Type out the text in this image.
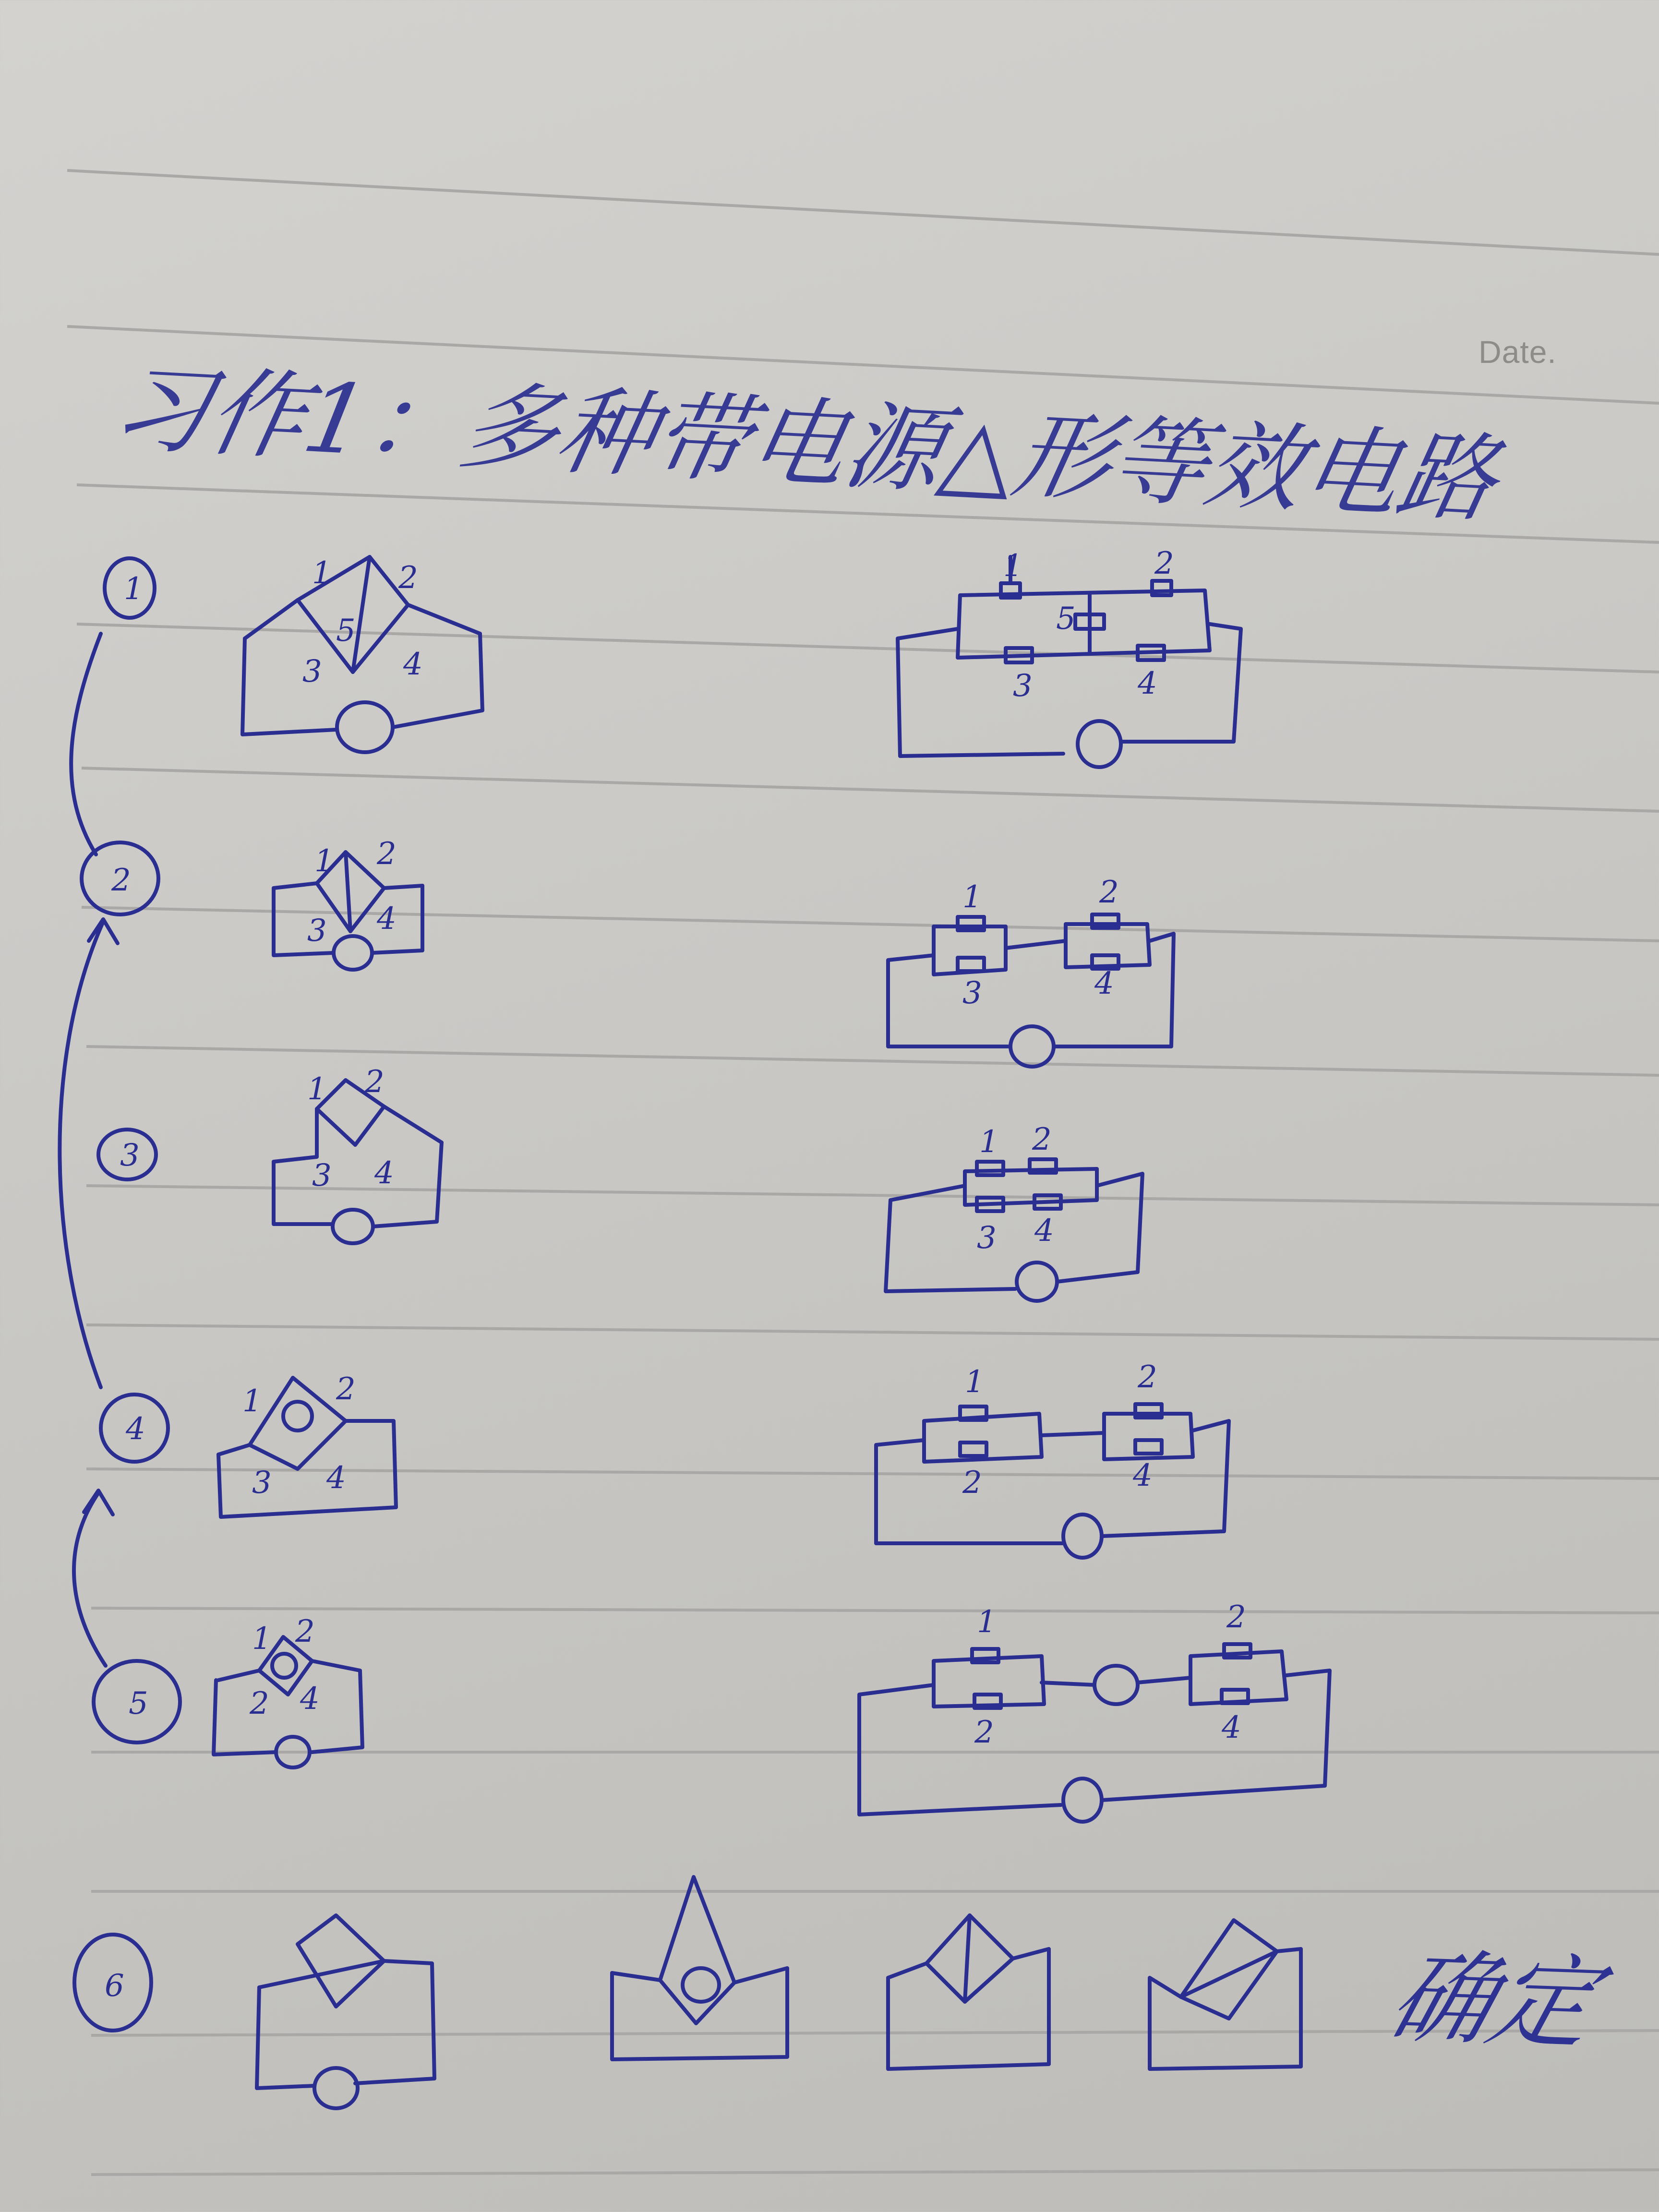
Date.
习作1：多种带电源△形等效电路
1
2
3
4
5
6
1 2
5
3	4
1	2
5
3	4
1 2
3 4
1	2
3	4
1 2
3 4
1 2
3 4
1 2
3 4
1	2
2	4
1 2
2 4
1	2
2	4
确定
